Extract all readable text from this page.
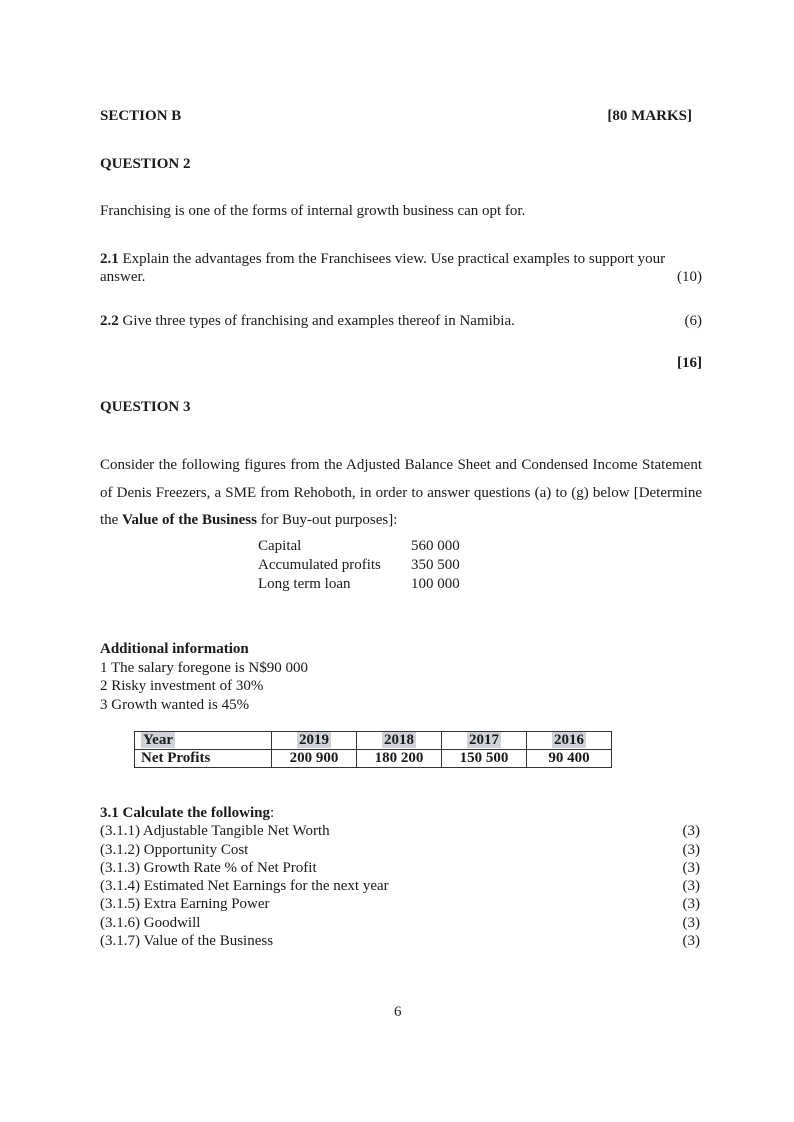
SECTION B	[80 MARKS]
QUESTION 2
Franchising is one of the forms of internal growth business can opt for.
2.1 Explain the advantages from the Franchisees view. Use practical examples to support your answer.	(10)
2.2 Give three types of franchising and examples thereof in Namibia.	(6)
[16]
QUESTION 3
Consider the following figures from the Adjusted Balance Sheet and Condensed Income Statement of Denis Freezers, a SME from Rehoboth, in order to answer questions (a) to (g) below [Determine the Value of the Business for Buy-out purposes]:
Capital	560 000
Accumulated profits	350 500
Long term loan	100 000
Additional information
1 The salary foregone is N$90 000
2 Risky investment of 30%
3 Growth wanted is 45%
Year	2019	2018	2017	2016
Net Profits	200 900	180 200	150 500	90 400
3.1 Calculate the following:
(3.1.1) Adjustable Tangible Net Worth	(3)
(3.1.2) Opportunity Cost	(3)
(3.1.3) Growth Rate % of Net Profit	(3)
(3.1.4) Estimated Net Earnings for the next year	(3)
(3.1.5) Extra Earning Power	(3)
(3.1.6) Goodwill	(3)
(3.1.7) Value of the Business	(3)
6
